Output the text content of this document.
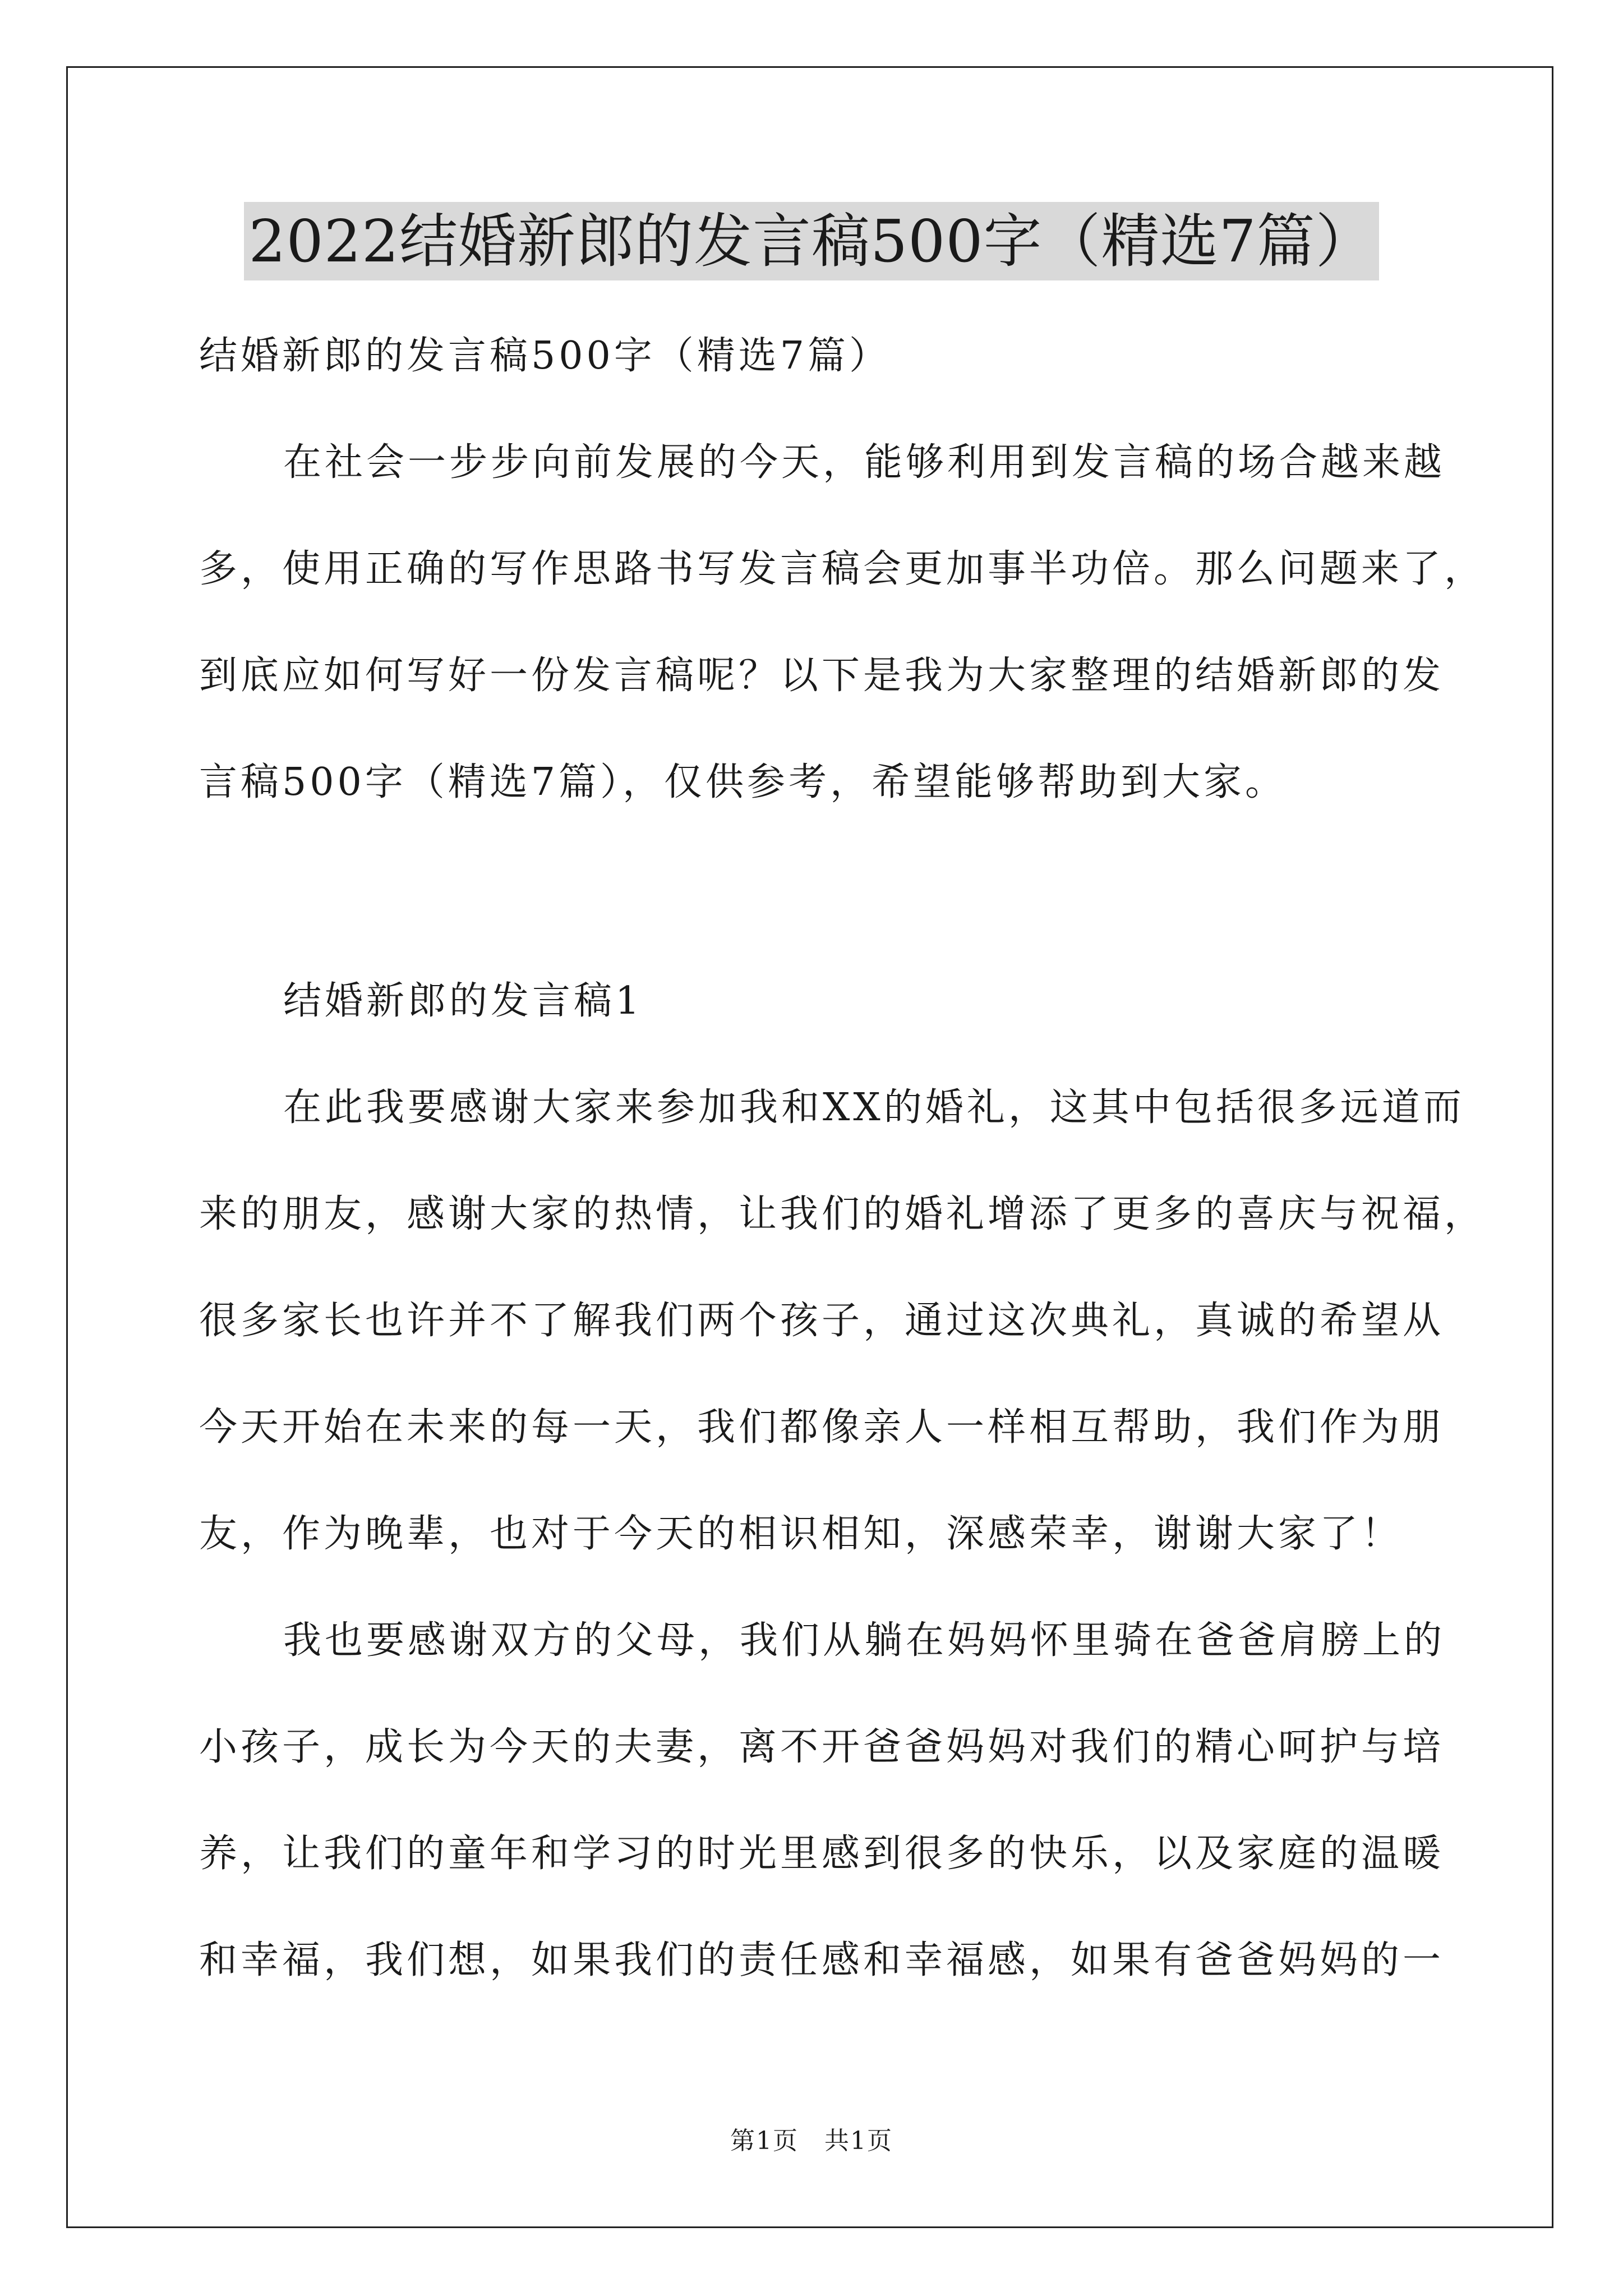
2022结婚新郎的发言稿500字（精选7篇）
结婚新郎的发言稿500字（精选7篇）
在社会一步步向前发展的今天，能够利用到发言稿的场合越来越
多，使用正确的写作思路书写发言稿会更加事半功倍。那么问题来了，
到底应如何写好一份发言稿呢？以下是我为大家整理的结婚新郎的发
言稿500字（精选7篇），仅供参考，希望能够帮助到大家。
结婚新郎的发言稿1
在此我要感谢大家来参加我和XX的婚礼，这其中包括很多远道而
来的朋友，感谢大家的热情，让我们的婚礼增添了更多的喜庆与祝福，
很多家长也许并不了解我们两个孩子，通过这次典礼，真诚的希望从
今天开始在未来的每一天，我们都像亲人一样相互帮助，我们作为朋
友，作为晚辈，也对于今天的相识相知，深感荣幸，谢谢大家了！
我也要感谢双方的父母，我们从躺在妈妈怀里骑在爸爸肩膀上的
小孩子，成长为今天的夫妻，离不开爸爸妈妈对我们的精心呵护与培
养，让我们的童年和学习的时光里感到很多的快乐，以及家庭的温暖
和幸福，我们想，如果我们的责任感和幸福感，如果有爸爸妈妈的一
第1页　共1页
